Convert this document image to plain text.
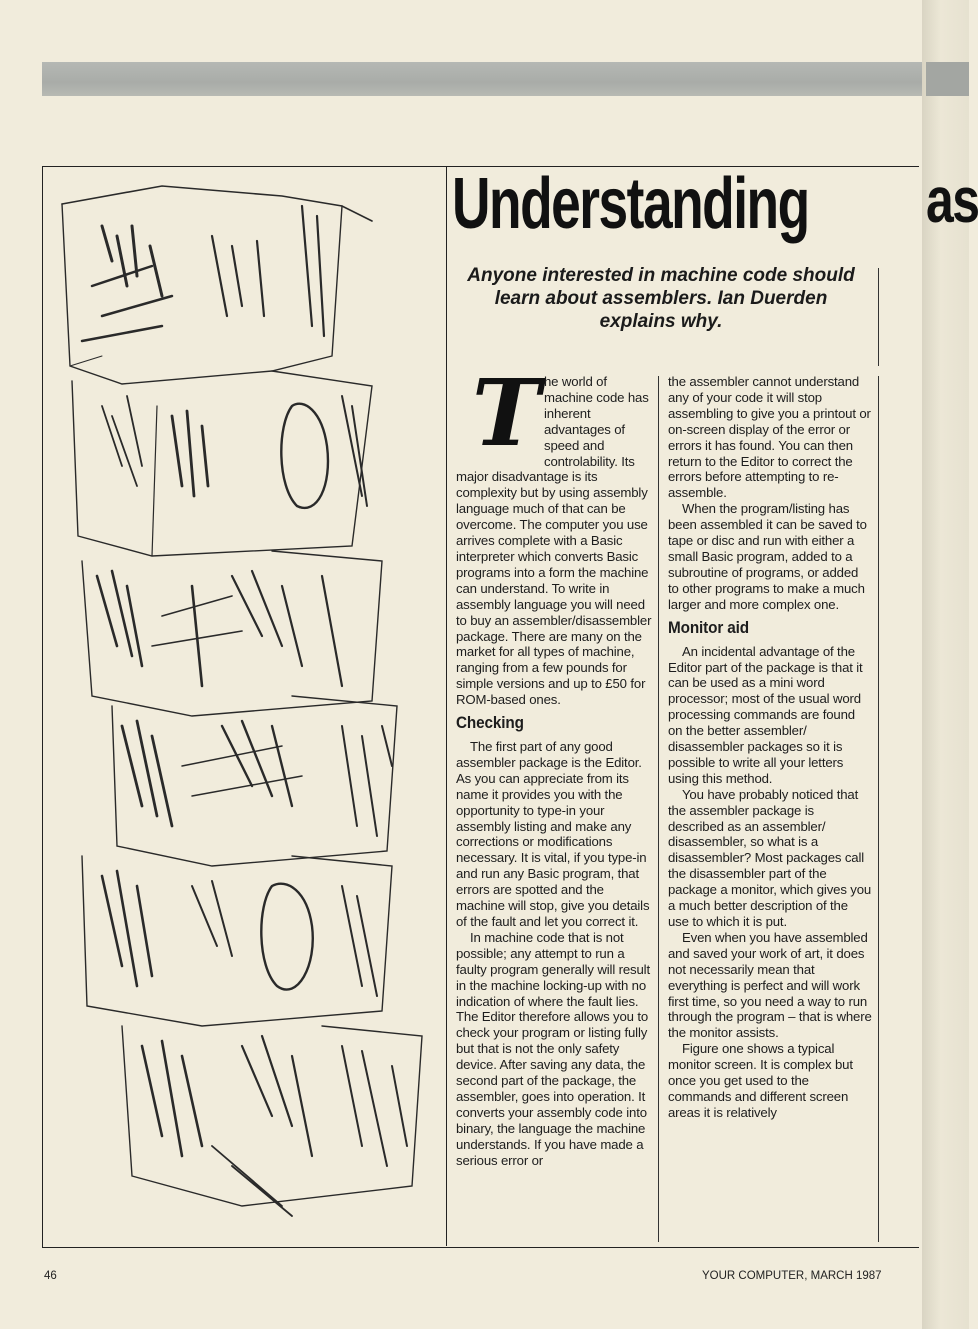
as
Understanding

Anyone interested in machine code should learn about assemblers. Ian Duerden explains why.

The world of machine code has inherent advantages of speed and controlability. Its major disadvantage is its complexity but by using assembly language much of that can be overcome. The computer you use arrives complete with a Basic interpreter which converts Basic programs into a form the machine can understand. To write in assembly language you will need to buy an assembler/disassembler package. There are many on the market for all types of machine, ranging from a few pounds for simple versions and up to £50 for ROM-based ones.

Checking

The first part of any good assembler package is the Editor. As you can appreciate from its name it provides you with the opportunity to type-in your assembly listing and make any corrections or modifications necessary. It is vital, if you type-in and run any Basic program, that errors are spotted and the machine will stop, give you details of the fault and let you correct it.

In machine code that is not possible; any attempt to run a faulty program generally will result in the machine locking-up with no indication of where the fault lies. The Editor therefore allows you to check your program or listing fully but that is not the only safety device. After saving any data, the second part of the package, the assembler, goes into operation. It converts your assembly code into binary, the language the machine understands. If you have made a serious error or

the assembler cannot understand any of your code it will stop assembling to give you a printout or on-screen display of the error or errors it has found. You can then return to the Editor to correct the errors before attempting to re-assemble.

When the program/listing has been assembled it can be saved to tape or disc and run with either a small Basic program, added to a subroutine of programs, or added to other programs to make a much larger and more complex one.

Monitor aid

An incidental advantage of the Editor part of the package is that it can be used as a mini word processor; most of the usual word processing commands are found on the better assembler/ disassembler packages so it is possible to write all your letters using this method.

You have probably noticed that the assembler package is described as an assembler/ disassembler, so what is a disassembler? Most packages call the disassembler part of the package a monitor, which gives you a much better description of the use to which it is put.

Even when you have assembled and saved your work of art, it does not necessarily mean that everything is perfect and will work first time, so you need a way to run through the program – that is where the monitor assists.

Figure one shows a typical monitor screen. It is complex but once you get used to the commands and different screen areas it is relatively

46	YOUR COMPUTER, MARCH 1987
